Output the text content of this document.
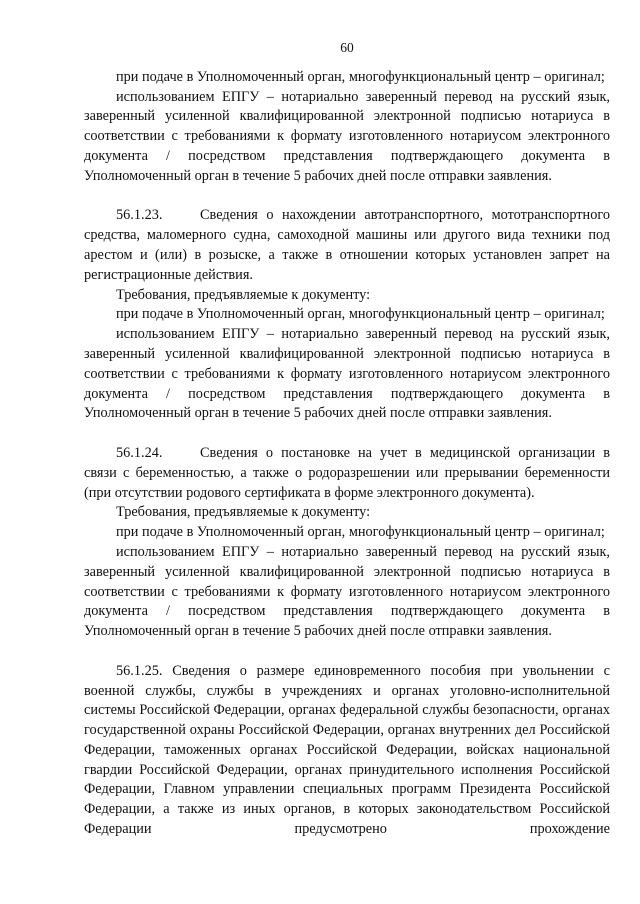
60

при подаче в Уполномоченный орган, многофункциональный центр – оригинал;

использованием ЕПГУ – нотариально заверенный перевод на русский язык, заверенный усиленной квалифицированной электронной подписью нотариуса в соответствии с требованиями к формату изготовленного нотариусом электронного документа / посредством представления подтверждающего документа в Уполномоченный орган в течение 5 рабочих дней после отправки заявления.

56.1.23.	Сведения о нахождении автотранспортного, мототранспортного средства, маломерного судна, самоходной машины или другого вида техники под арестом и (или) в розыске, а также в отношении которых установлен запрет на регистрационные действия.

Требования, предъявляемые к документу:

при подаче в Уполномоченный орган, многофункциональный центр – оригинал;

использованием ЕПГУ – нотариально заверенный перевод на русский язык, заверенный усиленной квалифицированной электронной подписью нотариуса в соответствии с требованиями к формату изготовленного нотариусом электронного документа / посредством представления подтверждающего документа в Уполномоченный орган в течение 5 рабочих дней после отправки заявления.

56.1.24.	Сведения о постановке на учет в медицинской организации в связи с беременностью, а также о родоразрешении или прерывании беременности (при отсутствии родового сертификата в форме электронного документа).

Требования, предъявляемые к документу:

при подаче в Уполномоченный орган, многофункциональный центр – оригинал;

использованием ЕПГУ – нотариально заверенный перевод на русский язык, заверенный усиленной квалифицированной электронной подписью нотариуса в соответствии с требованиями к формату изготовленного нотариусом электронного документа / посредством представления подтверждающего документа в Уполномоченный орган в течение 5 рабочих дней после отправки заявления.

56.1.25. Сведения о размере единовременного пособия при увольнении с военной службы, службы в учреждениях и органах уголовно-исполнительной системы Российской Федерации, органах федеральной службы безопасности, органах государственной охраны Российской Федерации, органах внутренних дел Российской Федерации, таможенных органах Российской Федерации, войсках национальной гвардии Российской Федерации, органах принудительного исполнения Российской Федерации, Главном управлении специальных программ Президента Российской Федерации, а также из иных органов, в которых законодательством Российской Федерации предусмотрено прохождение
